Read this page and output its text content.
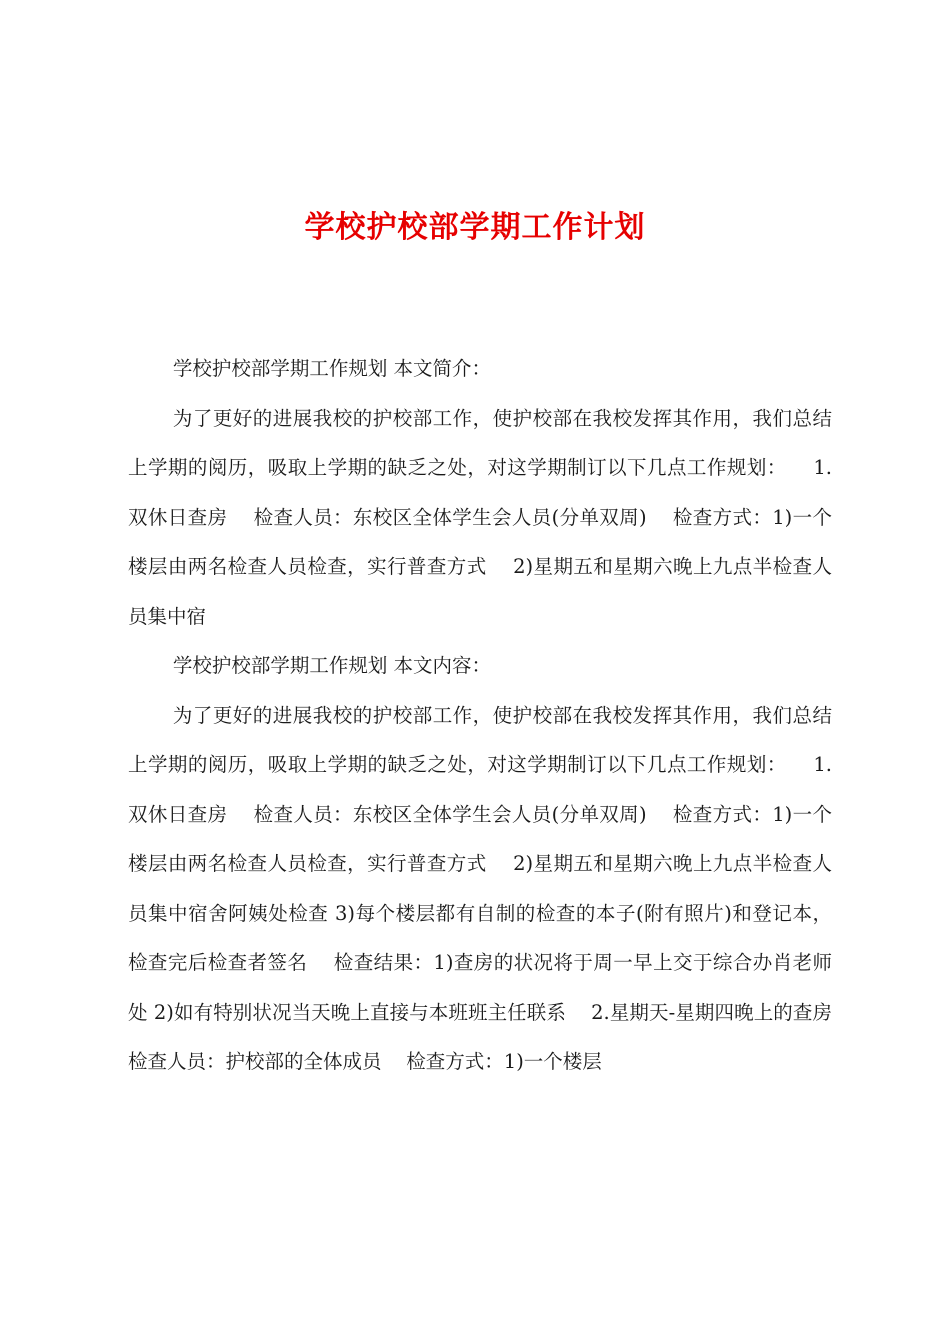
学校护校部学期工作计划

学校护校部学期工作规划 本文简介：

为了更好的进展我校的护校部工作，使护校部在我校发挥其作用，我们总结上学期的阅历，吸取上学期的缺乏之处，对这学期制订以下几点工作规划：    1.双休日查房    检查人员：东校区全体学生会人员(分单双周)    检查方式：1)一个楼层由两名检查人员检查，实行普查方式    2)星期五和星期六晚上九点半检查人员集中宿

学校护校部学期工作规划 本文内容：

为了更好的进展我校的护校部工作，使护校部在我校发挥其作用，我们总结上学期的阅历，吸取上学期的缺乏之处，对这学期制订以下几点工作规划：    1.双休日查房    检查人员：东校区全体学生会人员(分单双周)    检查方式：1)一个楼层由两名检查人员检查，实行普查方式    2)星期五和星期六晚上九点半检查人员集中宿舍阿姨处检查 3)每个楼层都有自制的检查的本子(附有照片)和登记本，检查完后检查者签名    检查结果：1)查房的状况将于周一早上交于综合办肖老师处 2)如有特别状况当天晚上直接与本班班主任联系    2.星期天-星期四晚上的查房    检查人员：护校部的全体成员    检查方式：1)一个楼层
